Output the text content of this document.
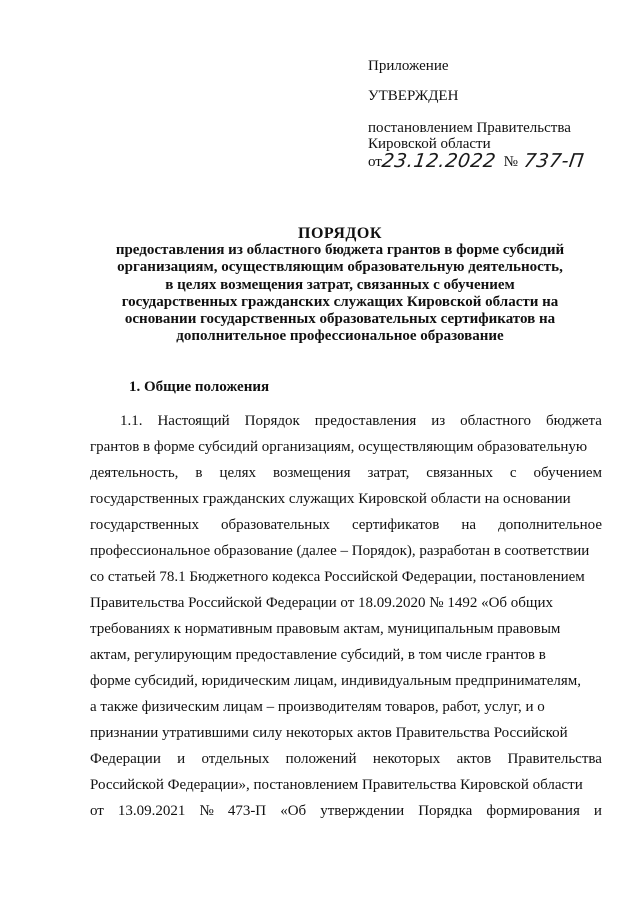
Приложение
УТВЕРЖДЕН
постановлением Правительства
Кировской области
от
23.12.2022 № 737-П
ПОРЯДОК
предоставления из областного бюджета грантов в форме субсидий
организациям, осуществляющим образовательную деятельность,
в целях возмещения затрат, связанных с обучением
государственных гражданских служащих Кировской области на
основании государственных образовательных сертификатов на
дополнительное профессиональное образование
1. Общие положения
1.1. Настоящий Порядок предоставления из областного бюджета
грантов в форме субсидий организациям, осуществляющим образовательную
деятельность, в целях возмещения затрат, связанных с обучением
государственных гражданских служащих Кировской области на основании
государственных образовательных сертификатов на дополнительное
профессиональное образование (далее – Порядок), разработан в соответствии
со статьей 78.1 Бюджетного кодекса Российской Федерации, постановлением
Правительства Российской Федерации от 18.09.2020 № 1492 «Об общих
требованиях к нормативным правовым актам, муниципальным правовым
актам, регулирующим предоставление субсидий, в том числе грантов в
форме субсидий, юридическим лицам, индивидуальным предпринимателям,
а также физическим лицам – производителям товаров, работ, услуг, и о
признании утратившими силу некоторых актов Правительства Российской
Федерации и отдельных положений некоторых актов Правительства
Российской Федерации», постановлением Правительства Кировской области
от 13.09.2021 № 473-П «Об утверждении Порядка формирования и
